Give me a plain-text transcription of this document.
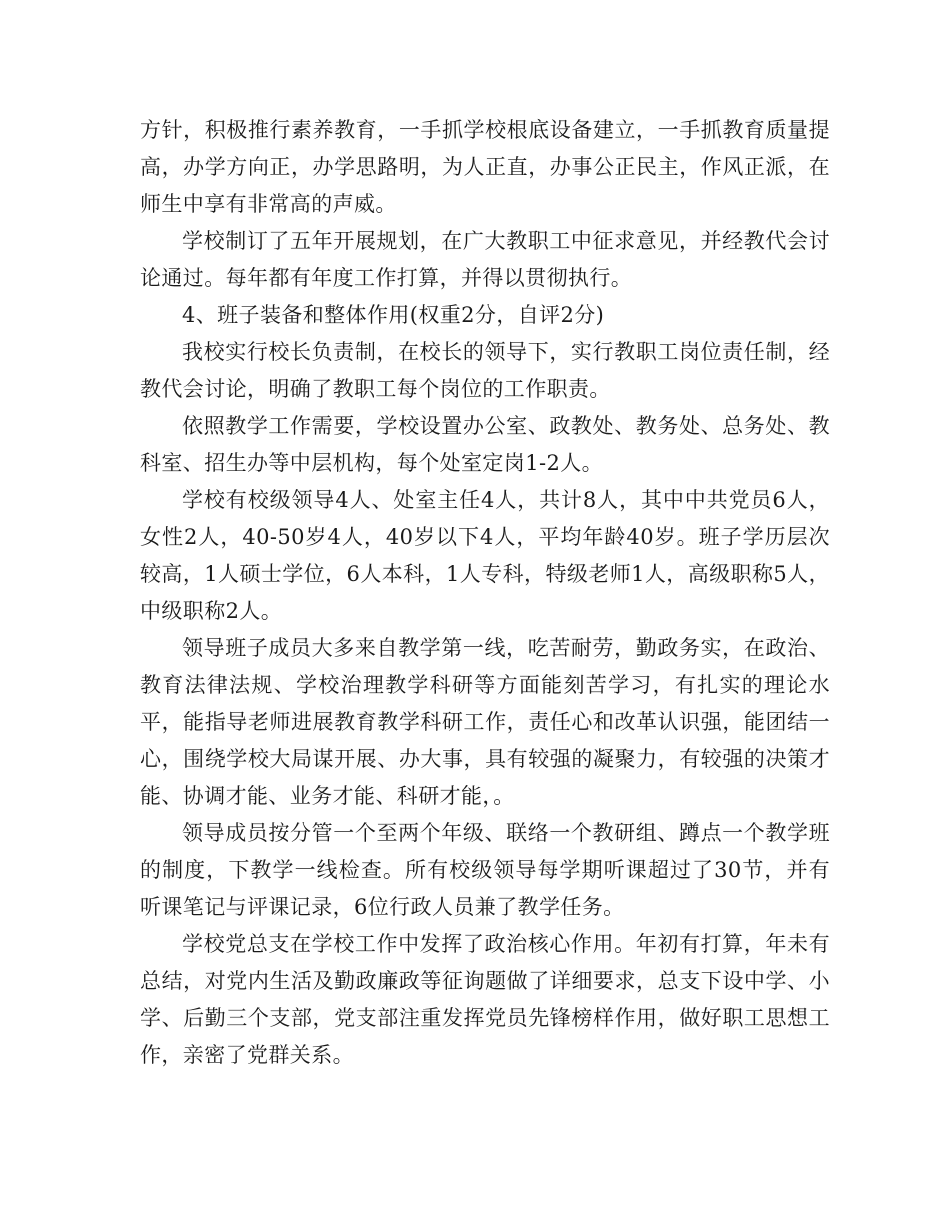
方针，积极推行素养教育，一手抓学校根底设备建立，一手抓教育质量提高，办学方向正，办学思路明，为人正直，办事公正民主，作风正派，在师生中享有非常高的声威。

学校制订了五年开展规划，在广大教职工中征求意见，并经教代会讨论通过。每年都有年度工作打算，并得以贯彻执行。

4、班子装备和整体作用(权重2分，自评2分)

我校实行校长负责制，在校长的领导下，实行教职工岗位责任制，经教代会讨论，明确了教职工每个岗位的工作职责。

依照教学工作需要，学校设置办公室、政教处、教务处、总务处、教科室、招生办等中层机构，每个处室定岗1-2人。

学校有校级领导4人、处室主任4人，共计8人，其中中共党员6人，女性2人，40-50岁4人，40岁以下4人，平均年龄40岁。班子学历层次较高，1人硕士学位，6人本科，1人专科，特级老师1人，高级职称5人，中级职称2人。

领导班子成员大多来自教学第一线，吃苦耐劳，勤政务实，在政治、教育法律法规、学校治理教学科研等方面能刻苦学习，有扎实的理论水平，能指导老师进展教育教学科研工作，责任心和改革认识强，能团结一心，围绕学校大局谋开展、办大事，具有较强的凝聚力，有较强的决策才能、协调才能、业务才能、科研才能，。

领导成员按分管一个至两个年级、联络一个教研组、蹲点一个教学班的制度，下教学一线检查。所有校级领导每学期听课超过了30节，并有听课笔记与评课记录，6位行政人员兼了教学任务。

学校党总支在学校工作中发挥了政治核心作用。年初有打算，年未有总结，对党内生活及勤政廉政等征询题做了详细要求，总支下设中学、小学、后勤三个支部，党支部注重发挥党员先锋榜样作用，做好职工思想工作，亲密了党群关系。
